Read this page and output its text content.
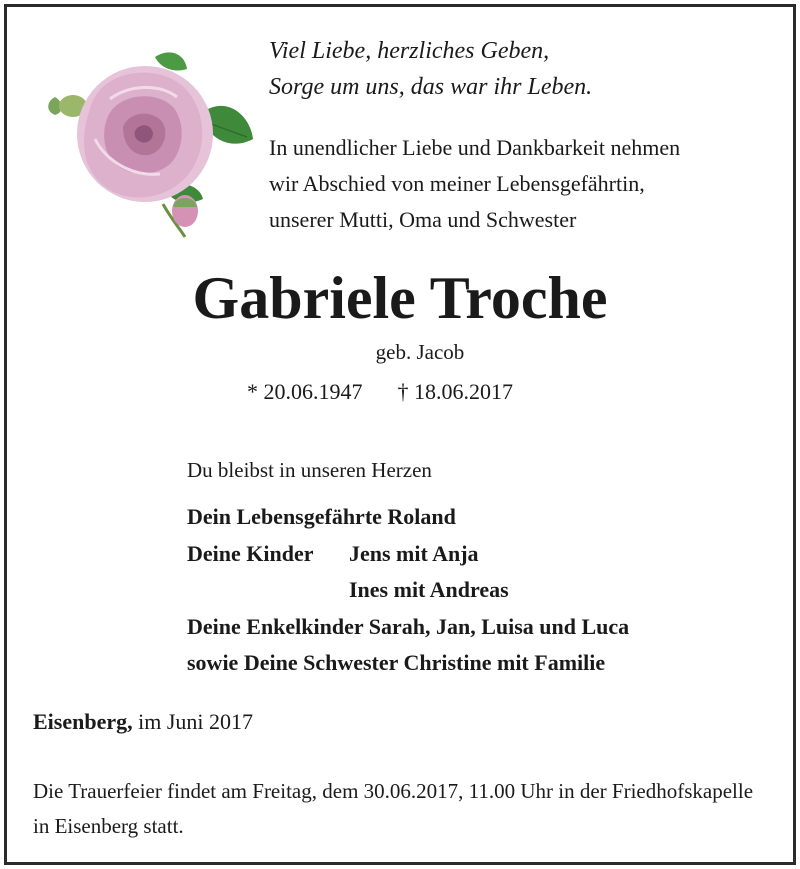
Viel Liebe, herzliches Geben,
Sorge um uns, das war ihr Leben.
In unendlicher Liebe und Dankbarkeit nehmen
wir Abschied von meiner Lebensgefährtin,
unserer Mutti, Oma und Schwester
Gabriele Troche
geb. Jacob
* 20.06.1947 † 18.06.2017
Du bleibst in unseren Herzen
Dein Lebensgefährte Roland
Deine Kinder Jens mit Anja
Ines mit Andreas
Deine Enkelkinder Sarah, Jan, Luisa und Luca
sowie Deine Schwester Christine mit Familie
Eisenberg, im Juni 2017
Die Trauerfeier findet am Freitag, dem 30.06.2017, 11.00 Uhr in der Friedhofskapelle in Eisenberg statt.
